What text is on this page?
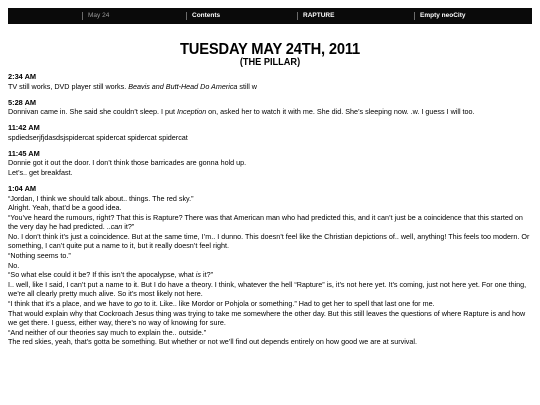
May 24	Contents	RAPTURE	Empty neoCity
TUESDAY MAY 24TH, 2011
(THE PILLAR)
2:34 AM
TV still works, DVD player still works. Beavis and Butt-Head Do America still w
5:28 AM
Donnivan came in. She said she couldn’t sleep. I put Inception on, asked her to watch it with me. She did. She’s sleeping now. .w. I guess I will too.
11:42 AM
spdiedserjfjdasdsjspidercat spidercat spidercat spidercat
11:45 AM
Donnie got it out the door. I don’t think those barricades are gonna hold up.
Let’s.. get breakfast.
1:04 AM
“Jordan, I think we should talk about.. things. The red sky.”
Alright. Yeah, that’d be a good idea.
“You’ve heard the rumours, right? That this is Rapture? There was that American man who had predicted this, and it can’t just be a coincidence that this started on the very day he had predicted. ..can it?”
No. I don’t think it’s just a coincidence. But at the same time, I’m.. I dunno. This doesn’t feel like the Christian depictions of.. well, anything! This feels too modern. Or something, I can’t quite put a name to it, but it really doesn’t feel right.
“Nothing seems to.”
No.
“So what else could it be? If this isn’t the apocalypse, what is it?”
I.. well, like I said, I can’t put a name to it. But I do have a theory. I think, whatever the hell “Rapture” is, it’s not here yet. It’s coming, just not here yet. For one thing, we’re all clearly pretty much alive. So it’s most likely not here.
“I think that it’s a place, and we have to go to it. Like.. like Mordor or Pohjola or something.” Had to get her to spell that last one for me.
That would explain why that Cockroach Jesus thing was trying to take me somewhere the other day. But this still leaves the questions of where Rapture is and how we get there. I guess, either way, there’s no way of knowing for sure.
“And neither of our theories say much to explain the.. outside.”
The red skies, yeah, that’s gotta be something. But whether or not we’ll find out depends entirely on how good we are at survival.
